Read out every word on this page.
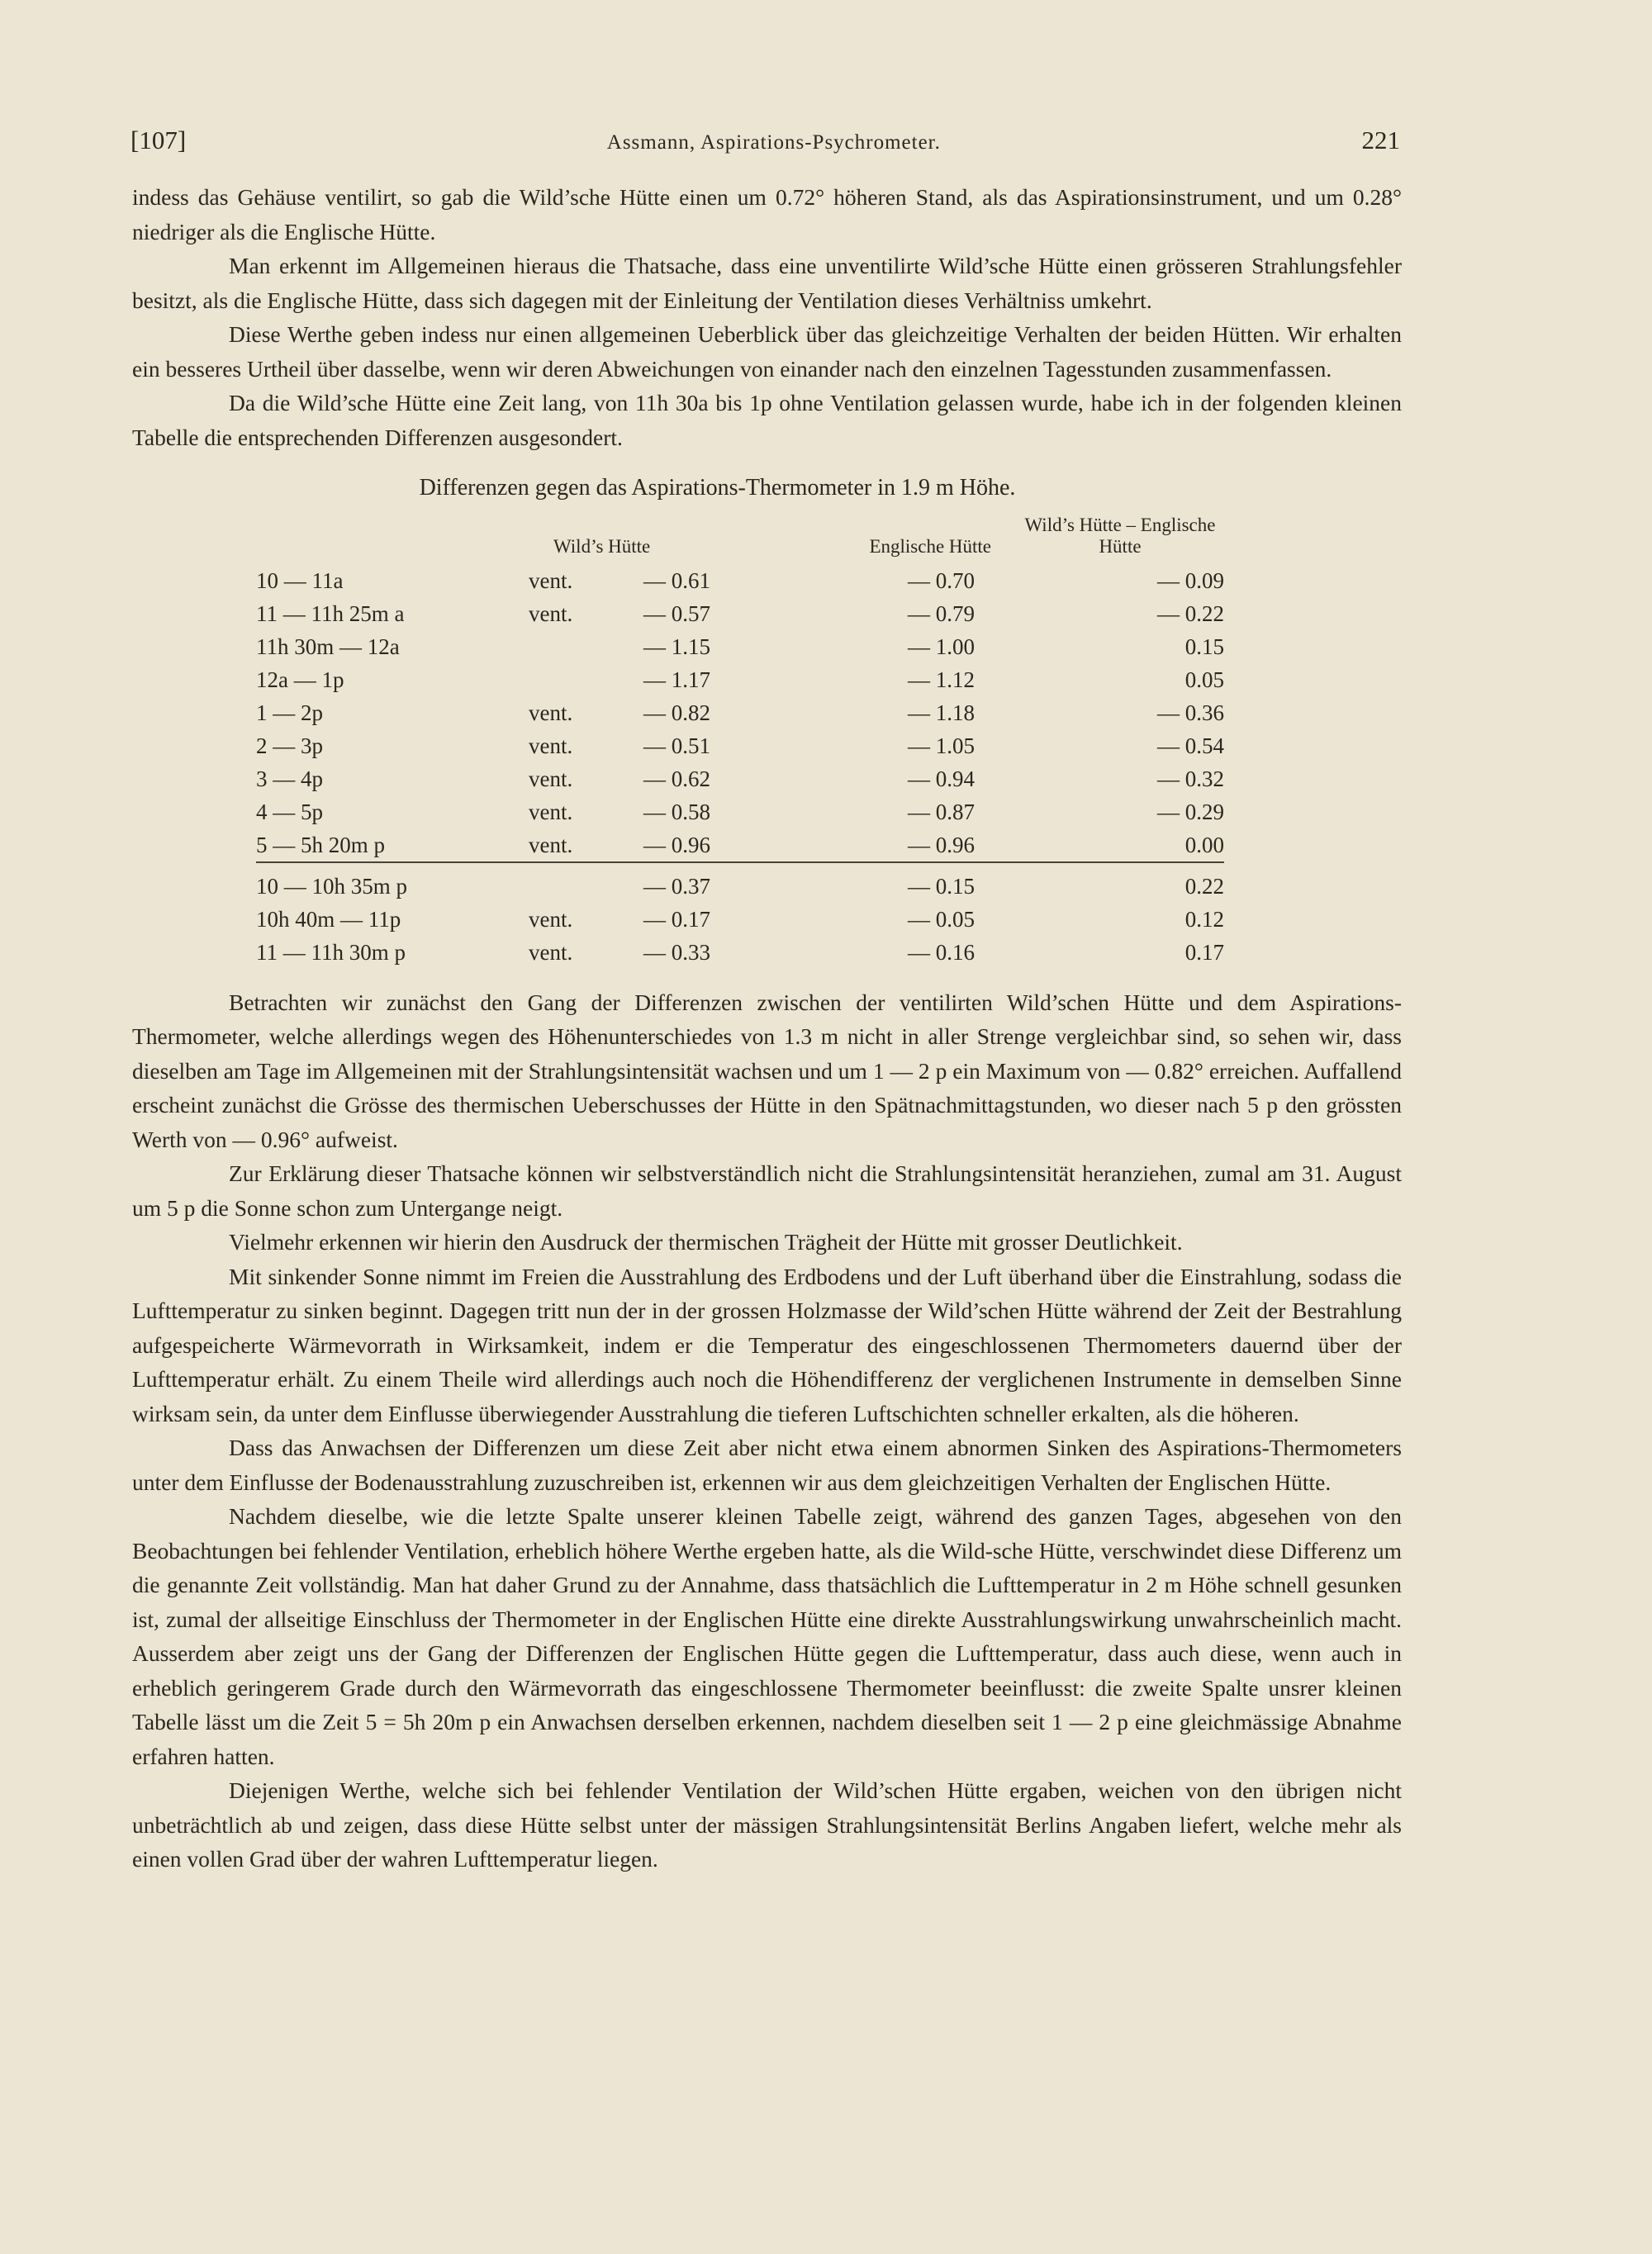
[107]	Assmann, Aspirations-Psychrometer.	221

indess das Gehäuse ventilirt, so gab die Wild’sche Hütte einen um 0.72° höheren Stand, als das Aspirationsinstrument, und um 0.28° niedriger als die Englische Hütte.

Man erkennt im Allgemeinen hieraus die Thatsache, dass eine unventilirte Wild’sche Hütte einen grösseren Strahlungsfehler besitzt, als die Englische Hütte, dass sich dagegen mit der Einleitung der Ventilation dieses Verhältniss umkehrt.

Diese Werthe geben indess nur einen allgemeinen Ueberblick über das gleichzeitige Verhalten der beiden Hütten. Wir erhalten ein besseres Urtheil über dasselbe, wenn wir deren Abweichungen von einander nach den einzelnen Tagesstunden zusammenfassen.

Da die Wild’sche Hütte eine Zeit lang, von 11h 30a bis 1p ohne Ventilation gelassen wurde, habe ich in der folgenden kleinen Tabelle die entsprechenden Differenzen ausgesondert.

Differenzen gegen das Aspirations-Thermometer in 1.9 m Höhe.
	Wild’s Hütte		Englische Hütte	Wild’s Hütte – Englische Hütte
10 — 11a	vent.	— 0.61	— 0.70	— 0.09
11 — 11h 25m a	vent.	— 0.57	— 0.79	— 0.22
11h 30m — 12a		— 1.15	— 1.00	0.15
12a — 1p		— 1.17	— 1.12	0.05
1 — 2p	vent.	— 0.82	— 1.18	— 0.36
2 — 3p	vent.	— 0.51	— 1.05	— 0.54
3 — 4p	vent.	— 0.62	— 0.94	— 0.32
4 — 5p	vent.	— 0.58	— 0.87	— 0.29
5 — 5h 20m p	vent.	— 0.96	— 0.96	0.00
10 — 10h 35m p		— 0.37	— 0.15	0.22
10h 40m — 11p	vent.	— 0.17	— 0.05	0.12
11 — 11h 30m p	vent.	— 0.33	— 0.16	0.17

Betrachten wir zunächst den Gang der Differenzen zwischen der ventilirten Wild’schen Hütte und dem Aspirations-Thermometer, welche allerdings wegen des Höhenunterschiedes von 1.3 m nicht in aller Strenge vergleichbar sind, so sehen wir, dass dieselben am Tage im Allgemeinen mit der Strahlungsintensität wachsen und um 1 — 2 p ein Maximum von — 0.82° erreichen. Auffallend erscheint zunächst die Grösse des thermischen Ueberschusses der Hütte in den Spätnachmittagstunden, wo dieser nach 5 p den grössten Werth von — 0.96° aufweist.

Zur Erklärung dieser Thatsache können wir selbstverständlich nicht die Strahlungsintensität heranziehen, zumal am 31. August um 5 p die Sonne schon zum Untergange neigt.

Vielmehr erkennen wir hierin den Ausdruck der thermischen Trägheit der Hütte mit grosser Deutlichkeit.

Mit sinkender Sonne nimmt im Freien die Ausstrahlung des Erdbodens und der Luft überhand über die Einstrahlung, sodass die Lufttemperatur zu sinken beginnt. Dagegen tritt nun der in der grossen Holzmasse der Wild’schen Hütte während der Zeit der Bestrahlung aufgespeicherte Wärmevorrath in Wirksamkeit, indem er die Temperatur des eingeschlossenen Thermometers dauernd über der Lufttemperatur erhält. Zu einem Theile wird allerdings auch noch die Höhendifferenz der verglichenen Instrumente in demselben Sinne wirksam sein, da unter dem Einflusse überwiegender Ausstrahlung die tieferen Luftschichten schneller erkalten, als die höheren.

Dass das Anwachsen der Differenzen um diese Zeit aber nicht etwa einem abnormen Sinken des Aspirations-Thermometers unter dem Einflusse der Bodenausstrahlung zuzuschreiben ist, erkennen wir aus dem gleichzeitigen Verhalten der Englischen Hütte.

Nachdem dieselbe, wie die letzte Spalte unserer kleinen Tabelle zeigt, während des ganzen Tages, abgesehen von den Beobachtungen bei fehlender Ventilation, erheblich höhere Werthe ergeben hatte, als die Wild-sche Hütte, verschwindet diese Differenz um die genannte Zeit vollständig. Man hat daher Grund zu der Annahme, dass thatsächlich die Lufttemperatur in 2 m Höhe schnell gesunken ist, zumal der allseitige Einschluss der Thermometer in der Englischen Hütte eine direkte Ausstrahlungswirkung unwahrscheinlich macht. Ausserdem aber zeigt uns der Gang der Differenzen der Englischen Hütte gegen die Lufttemperatur, dass auch diese, wenn auch in erheblich geringerem Grade durch den Wärmevorrath das eingeschlossene Thermometer beeinflusst: die zweite Spalte unsrer kleinen Tabelle lässt um die Zeit 5 = 5h 20m p ein Anwachsen derselben erkennen, nachdem dieselben seit 1 — 2 p eine gleichmässige Abnahme erfahren hatten.

Diejenigen Werthe, welche sich bei fehlender Ventilation der Wild’schen Hütte ergaben, weichen von den übrigen nicht unbeträchtlich ab und zeigen, dass diese Hütte selbst unter der mässigen Strahlungsintensität Berlins Angaben liefert, welche mehr als einen vollen Grad über der wahren Lufttemperatur liegen.
